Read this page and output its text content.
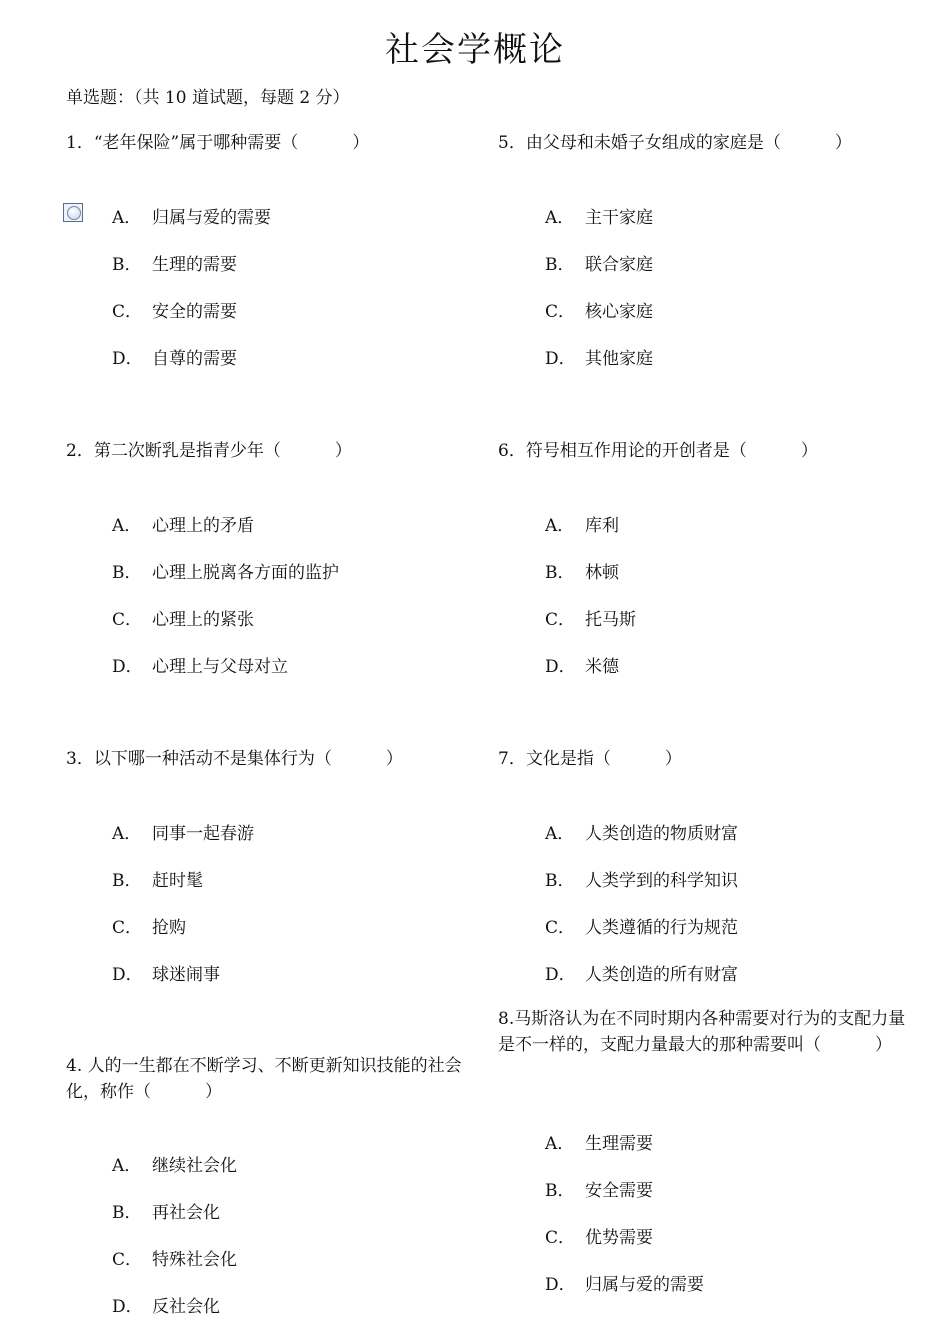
社会学概论
单选题：（共 10 道试题，每题 2 分）
1．“老年保险”属于哪种需要（          ）
A． 归属与爱的需要
B． 生理的需要
C． 安全的需要
D． 自尊的需要
2．第二次断乳是指青少年（          ）
A． 心理上的矛盾
B． 心理上脱离各方面的监护
C． 心理上的紧张
D． 心理上与父母对立
3．以下哪一种活动不是集体行为（          ）
A． 同事一起春游
B． 赶时髦
C． 抢购
D． 球迷闹事
4. 人的一生都在不断学习、不断更新知识技能的社会化，称作（          ）
A． 继续社会化
B． 再社会化
C． 特殊社会化
D． 反社会化
5．由父母和未婚子女组成的家庭是（          ）
A． 主干家庭
B． 联合家庭
C． 核心家庭
D． 其他家庭
6．符号相互作用论的开创者是（          ）
A． 库利
B． 林顿
C． 托马斯
D． 米德
7．文化是指（          ）
A． 人类创造的物质财富
B． 人类学到的科学知识
C． 人类遵循的行为规范
D． 人类创造的所有财富
8.马斯洛认为在不同时期内各种需要对行为的支配力量是不一样的，支配力量最大的那种需要叫（          ）
A． 生理需要
B． 安全需要
C． 优势需要
D． 归属与爱的需要
